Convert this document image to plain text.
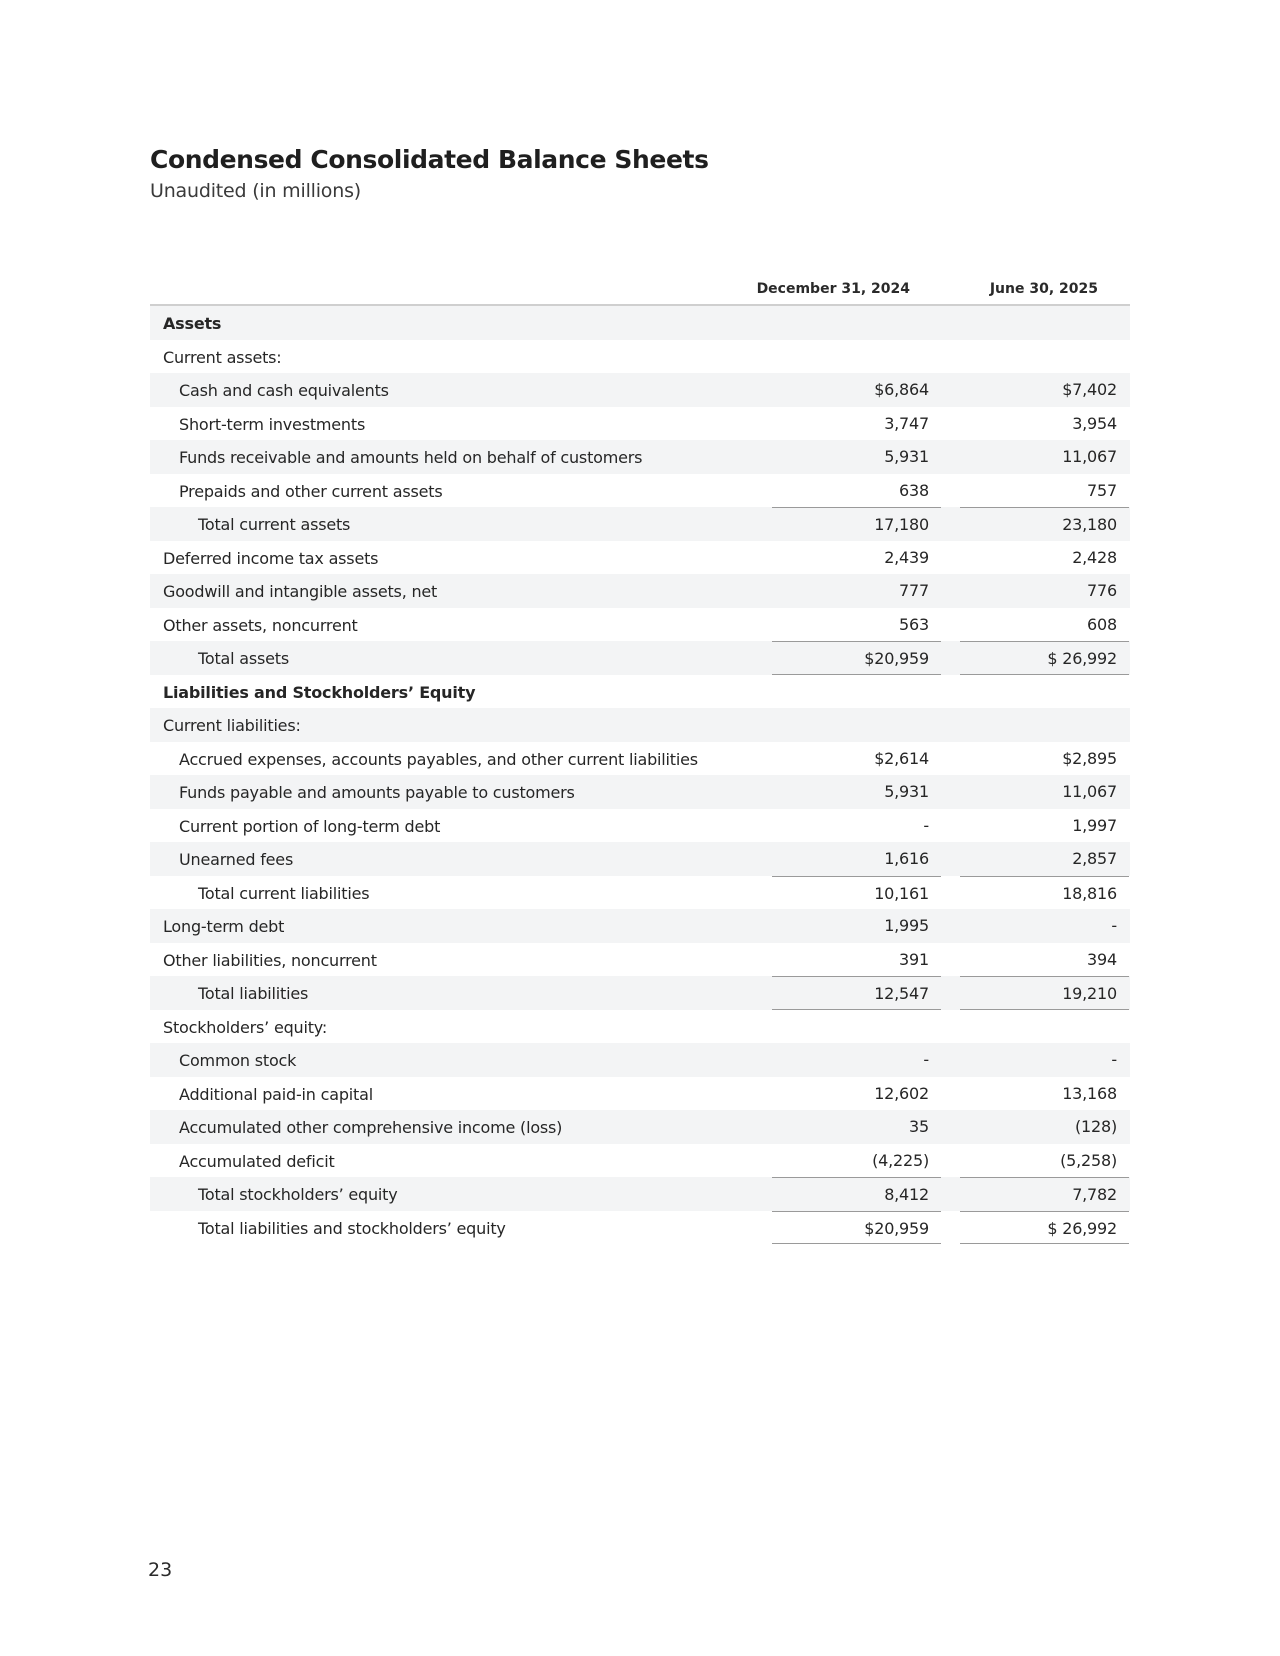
Condensed Consolidated Balance Sheets
Unaudited (in millions)
December 31, 2024	June 30, 2025
Assets
Current assets:
Cash and cash equivalents	$6,864	$7,402
Short-term investments	3,747	3,954
Funds receivable and amounts held on behalf of customers	5,931	11,067
Prepaids and other current assets	638	757
Total current assets	17,180	23,180
Deferred income tax assets	2,439	2,428
Goodwill and intangible assets, net	777	776
Other assets, noncurrent	563	608
Total assets	$20,959	$ 26,992
Liabilities and Stockholders’ Equity
Current liabilities:
Accrued expenses, accounts payables, and other current liabilities	$2,614	$2,895
Funds payable and amounts payable to customers	5,931	11,067
Current portion of long-term debt	-	1,997
Unearned fees	1,616	2,857
Total current liabilities	10,161	18,816
Long-term debt	1,995	-
Other liabilities, noncurrent	391	394
Total liabilities	12,547	19,210
Stockholders’ equity:
Common stock	-	-
Additional paid-in capital	12,602	13,168
Accumulated other comprehensive income (loss)	35	(128)
Accumulated deficit	(4,225)	(5,258)
Total stockholders’ equity	8,412	7,782
Total liabilities and stockholders’ equity	$20,959	$ 26,992
23
